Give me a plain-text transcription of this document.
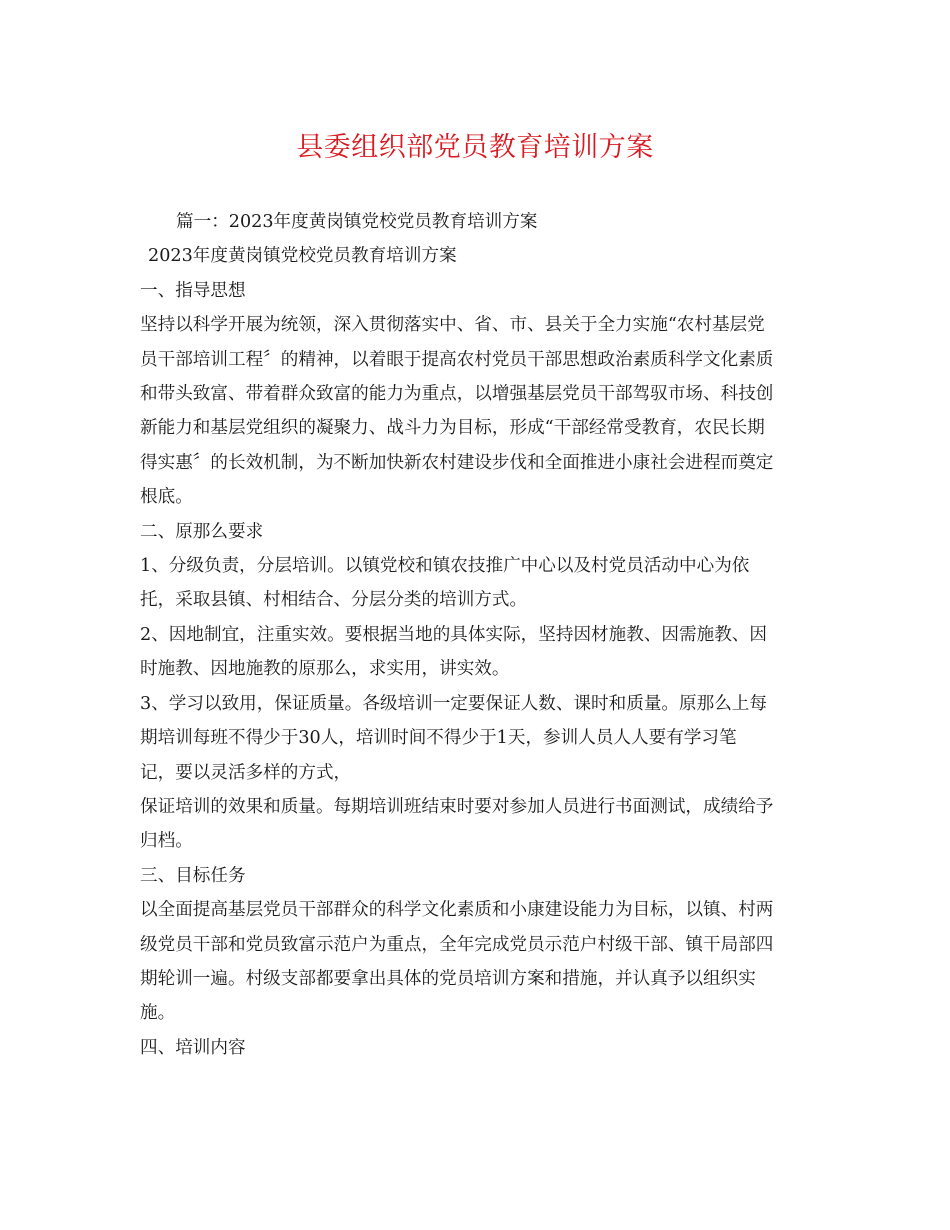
县委组织部党员教育培训方案

篇一：2023年度黄岗镇党校党员教育培训方案

2023年度黄岗镇党校党员教育培训方案

一、指导思想

坚持以科学开展为统领，深入贯彻落实中、省、市、县关于全力实施“农村基层党

员干部培训工程〞的精神，以着眼于提高农村党员干部思想政治素质科学文化素质

和带头致富、带着群众致富的能力为重点，以增强基层党员干部驾驭市场、科技创

新能力和基层党组织的凝聚力、战斗力为目标，形成“干部经常受教育，农民长期

得实惠〞的长效机制，为不断加快新农村建设步伐和全面推进小康社会进程而奠定

根底。

二、原那么要求

1、分级负责，分层培训。以镇党校和镇农技推广中心以及村党员活动中心为依

托，采取县镇、村相结合、分层分类的培训方式。

2、因地制宜，注重实效。要根据当地的具体实际，坚持因材施教、因需施教、因

时施教、因地施教的原那么，求实用，讲实效。

3、学习以致用，保证质量。各级培训一定要保证人数、课时和质量。原那么上每

期培训每班不得少于30人，培训时间不得少于1天，参训人员人人要有学习笔

记，要以灵活多样的方式，

保证培训的效果和质量。每期培训班结束时要对参加人员进行书面测试，成绩给予

归档。

三、目标任务

以全面提高基层党员干部群众的科学文化素质和小康建设能力为目标，以镇、村两

级党员干部和党员致富示范户为重点，全年完成党员示范户村级干部、镇干局部四

期轮训一遍。村级支部都要拿出具体的党员培训方案和措施，并认真予以组织实

施。

四、培训内容
